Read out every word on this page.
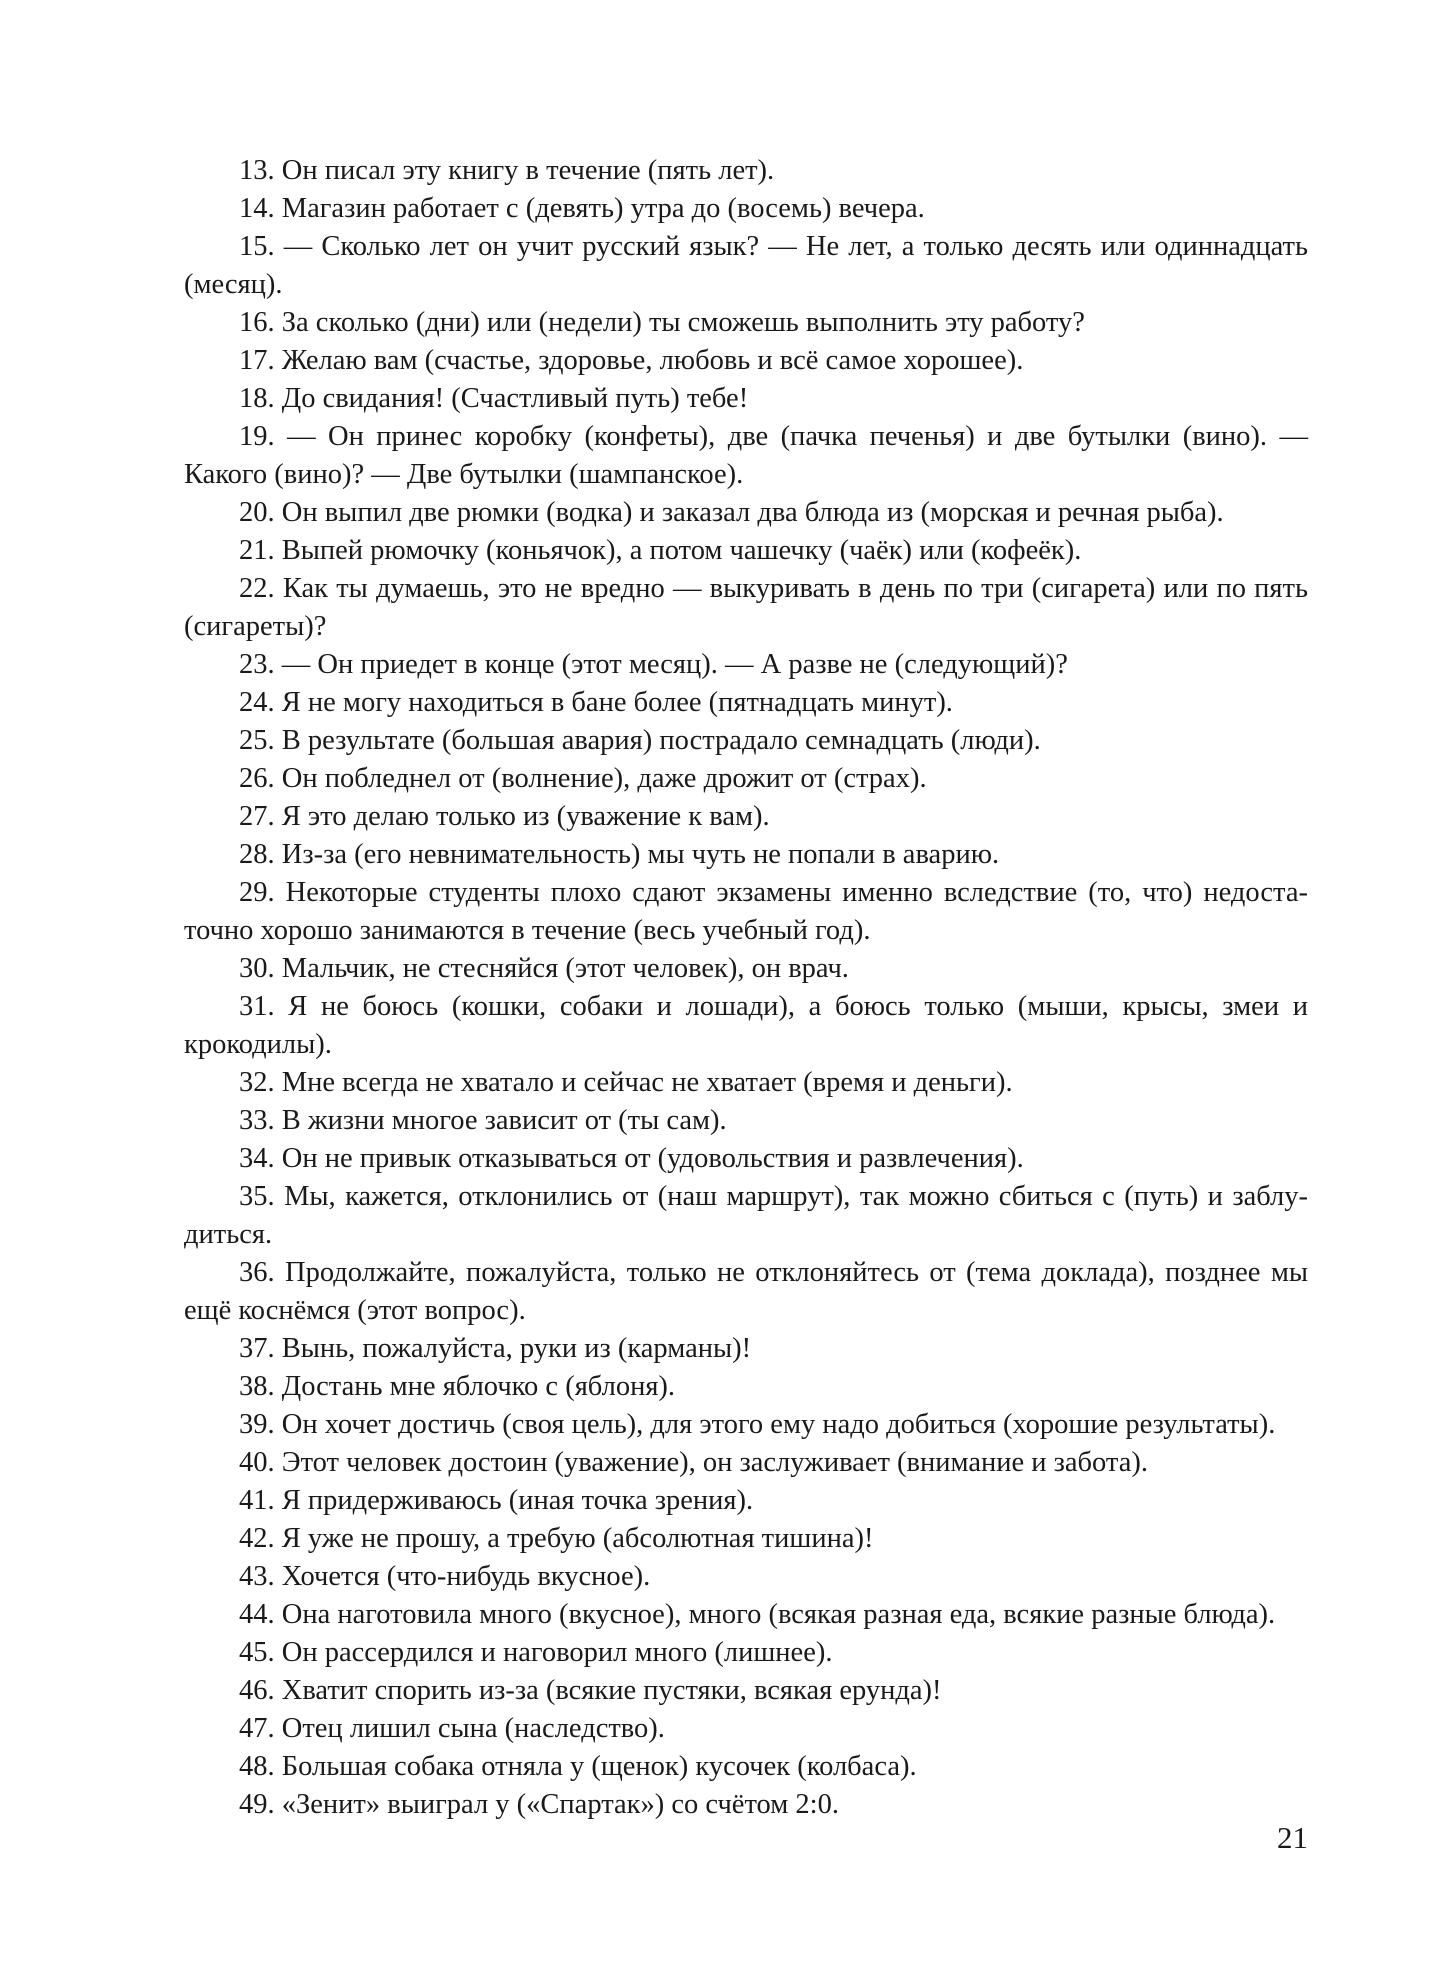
13. Он писал эту книгу в течение (пять лет).

14. Магазин работает с (девять) утра до (восемь) вечера.

15. — Сколько лет он учит русский язык? — Не лет, а только десять или одиннадцать (месяц).

16. За сколько (дни) или (недели) ты сможешь выполнить эту работу?

17. Желаю вам (счастье, здоровье, любовь и всё самое хорошее).

18. До свидания! (Счастливый путь) тебе!

19. — Он принес коробку (конфеты), две (пачка печенья) и две бутылки (вино). — Какого (вино)? — Две бутылки (шампанское).

20. Он выпил две рюмки (водка) и заказал два блюда из (морская и речная рыба).

21. Выпей рюмочку (коньячок), а потом чашечку (чаёк) или (кофеёк).

22. Как ты думаешь, это не вредно — выкуривать в день по три (сигарета) или по пять (сигареты)?

23. — Он приедет в конце (этот месяц). — А разве не (следующий)?

24. Я не могу находиться в бане более (пятнадцать минут).

25. В результате (большая авария) пострадало семнадцать (люди).

26. Он побледнел от (волнение), даже дрожит от (страх).

27. Я это делаю только из (уважение к вам).

28. Из-за (его невнимательность) мы чуть не попали в аварию.

29. Некоторые студенты плохо сдают экзамены именно вследствие (то, что) недостаточно хорошо занимаются в течение (весь учебный год).

30. Мальчик, не стесняйся (этот человек), он врач.

31. Я не боюсь (кошки, собаки и лошади), а боюсь только (мыши, крысы, змеи и крокодилы).

32. Мне всегда не хватало и сейчас не хватает (время и деньги).

33. В жизни многое зависит от (ты сам).

34. Он не привык отказываться от (удовольствия и развлечения).

35. Мы, кажется, отклонились от (наш маршрут), так можно сбиться с (путь) и заблудиться.

36. Продолжайте, пожалуйста, только не отклоняйтесь от (тема доклада), позднее мы ещё коснёмся (этот вопрос).

37. Вынь, пожалуйста, руки из (карманы)!

38. Достань мне яблочко с (яблоня).

39. Он хочет достичь (своя цель), для этого ему надо добиться (хорошие результаты).

40. Этот человек достоин (уважение), он заслуживает (внимание и забота).

41. Я придерживаюсь (иная точка зрения).

42. Я уже не прошу, а требую (абсолютная тишина)!

43. Хочется (что-нибудь вкусное).

44. Она наготовила много (вкусное), много (всякая разная еда, всякие разные блюда).

45. Он рассердился и наговорил много (лишнее).

46. Хватит спорить из-за (всякие пустяки, всякая ерунда)!

47. Отец лишил сына (наследство).

48. Большая собака отняла у (щенок) кусочек (колбаса).

49. «Зенит» выиграл у («Спартак») со счётом 2:0.

21
